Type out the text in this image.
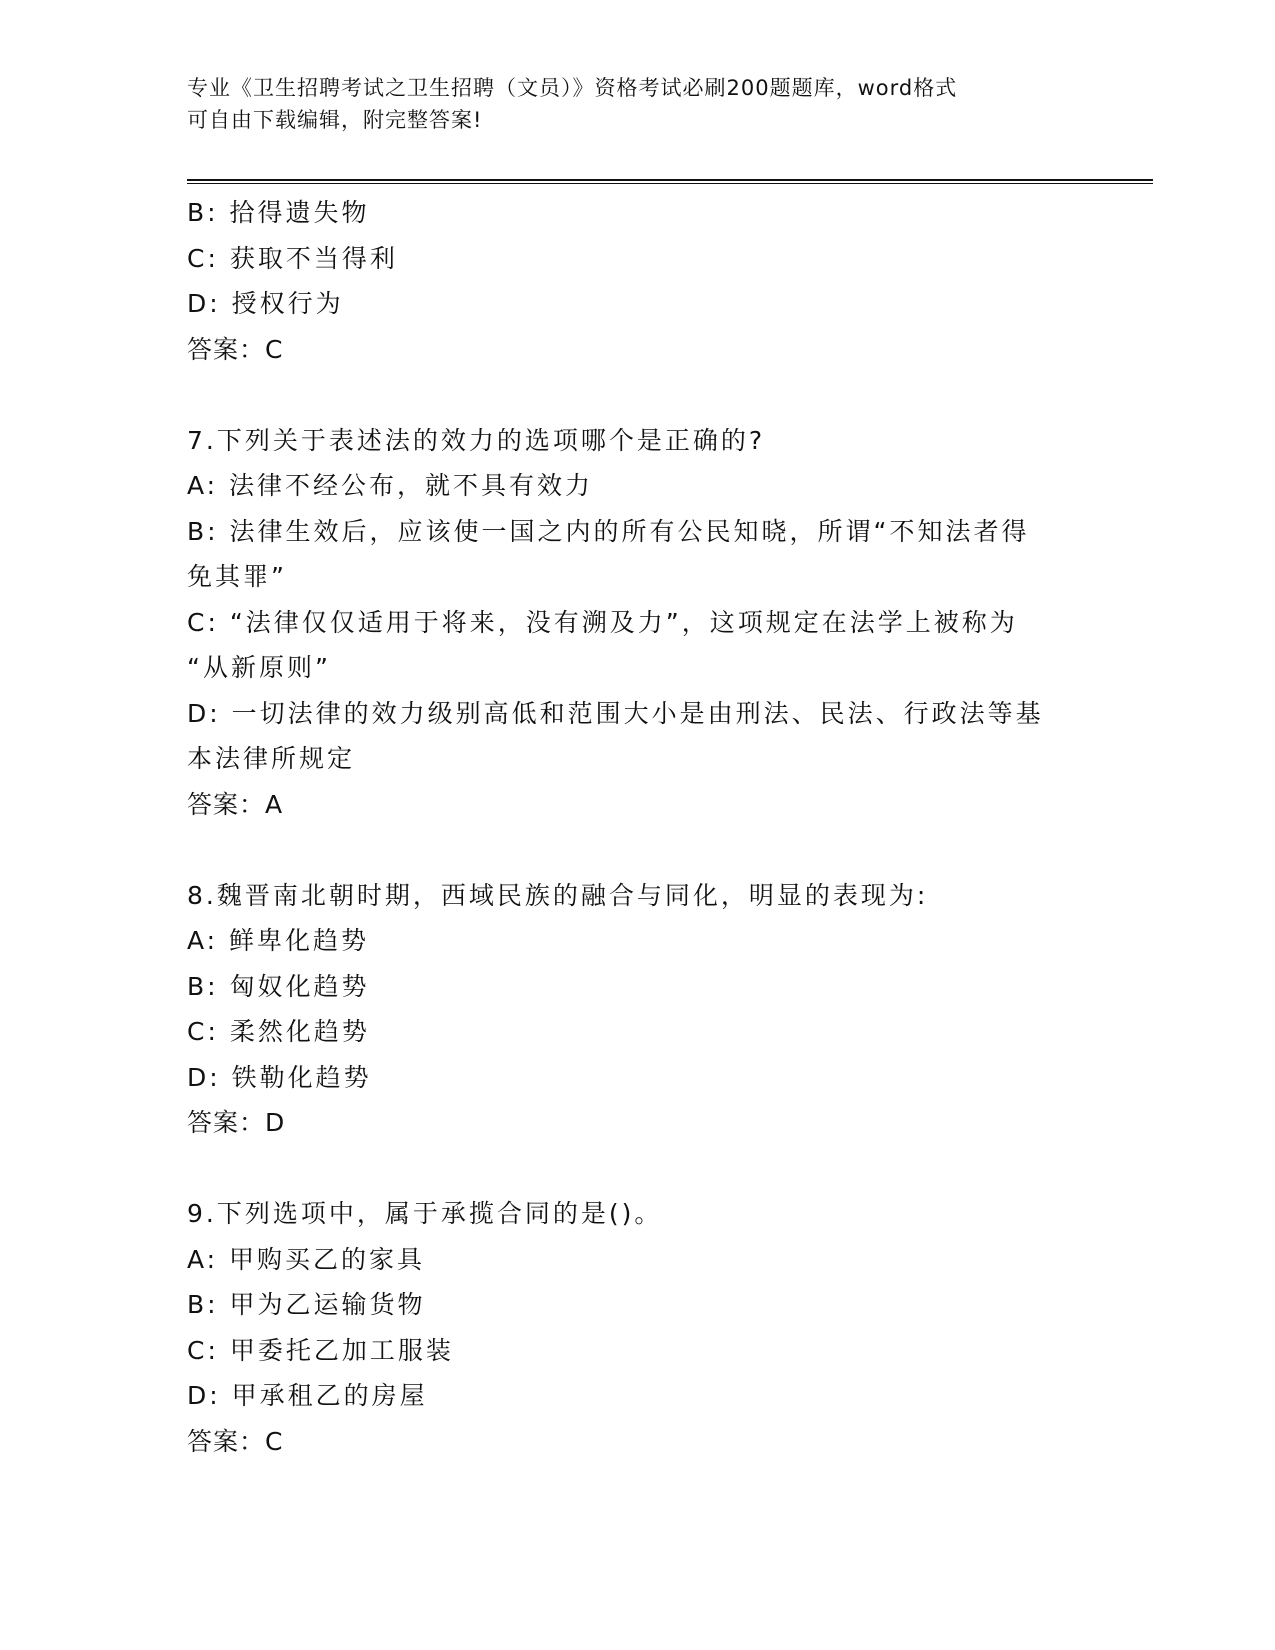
专业《卫生招聘考试之卫生招聘（文员）》资格考试必刷200题题库，word格式
可自由下载编辑，附完整答案!
B: 拾得遗失物
C: 获取不当得利
D: 授权行为
答案：C
7.下列关于表述法的效力的选项哪个是正确的?
A: 法律不经公布，就不具有效力
B: 法律生效后，应该使一国之内的所有公民知晓，所谓“不知法者得
免其罪”
C: “法律仅仅适用于将来，没有溯及力”，这项规定在法学上被称为
“从新原则”
D: 一切法律的效力级别高低和范围大小是由刑法、民法、行政法等基
本法律所规定
答案：A
8.魏晋南北朝时期，西域民族的融合与同化，明显的表现为:
A: 鲜卑化趋势
B: 匈奴化趋势
C: 柔然化趋势
D: 铁勒化趋势
答案：D
9.下列选项中，属于承揽合同的是()。
A: 甲购买乙的家具
B: 甲为乙运输货物
C: 甲委托乙加工服装
D: 甲承租乙的房屋
答案：C
